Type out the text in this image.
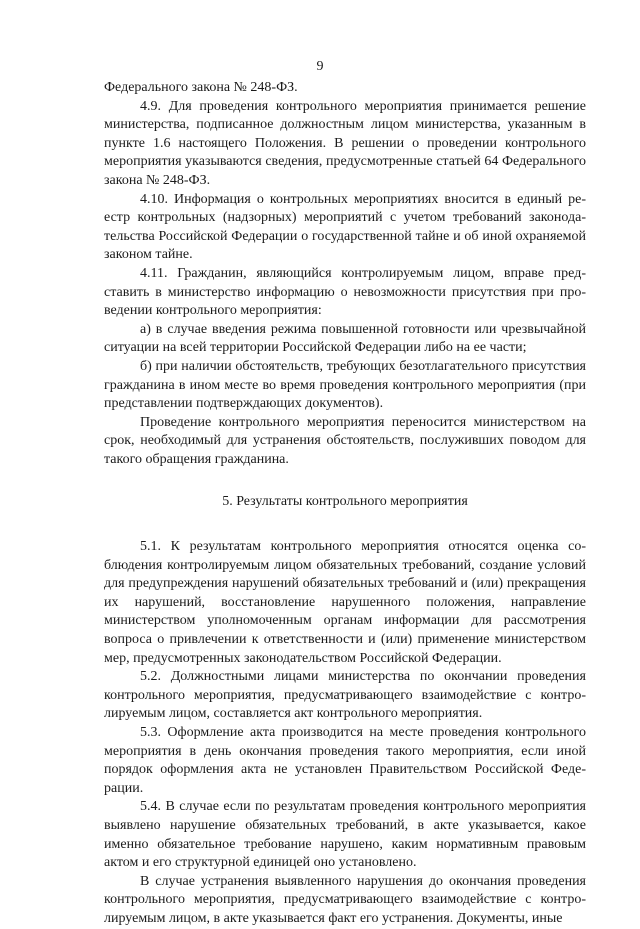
9

Федерального закона № 248-ФЗ.

4.9. Для проведения контрольного мероприятия принимается решение министерства, подписанное должностным лицом министерства, указанным в пункте 1.6 настоящего Положения. В решении о проведении контрольного мероприятия указываются сведения, предусмотренные статьей 64 Федерального закона № 248-ФЗ.

4.10. Информация о контрольных мероприятиях вносится в единый реестр контрольных (надзорных) мероприятий с учетом требований законодательства Российской Федерации о государственной тайне и об иной охраняемой законом тайне.

4.11. Гражданин, являющийся контролируемым лицом, вправе представить в министерство информацию о невозможности присутствия при проведении контрольного мероприятия:

а) в случае введения режима повышенной готовности или чрезвычайной ситуации на всей территории Российской Федерации либо на ее части;

б) при наличии обстоятельств, требующих безотлагательного присутствия гражданина в ином месте во время проведения контрольного мероприятия (при представлении подтверждающих документов).

Проведение контрольного мероприятия переносится министерством на срок, необходимый для устранения обстоятельств, послуживших поводом для такого обращения гражданина.

5. Результаты контрольного мероприятия

5.1. К результатам контрольного мероприятия относятся оценка соблюдения контролируемым лицом обязательных требований, создание условий для предупреждения нарушений обязательных требований и (или) прекращения их нарушений, восстановление нарушенного положения, направление министерством уполномоченным органам информации для рассмотрения вопроса о привлечении к ответственности и (или) применение министерством мер, предусмотренных законодательством Российской Федерации.

5.2. Должностными лицами министерства по окончании проведения контрольного мероприятия, предусматривающего взаимодействие с контролируемым лицом, составляется акт контрольного мероприятия.

5.3. Оформление акта производится на месте проведения контрольного мероприятия в день окончания проведения такого мероприятия, если иной порядок оформления акта не установлен Правительством Российской Федерации.

5.4. В случае если по результатам проведения контрольного мероприятия выявлено нарушение обязательных требований, в акте указывается, какое именно обязательное требование нарушено, каким нормативным правовым актом и его структурной единицей оно установлено.

В случае устранения выявленного нарушения до окончания проведения контрольного мероприятия, предусматривающего взаимодействие с контролируемым лицом, в акте указывается факт его устранения. Документы, иные
